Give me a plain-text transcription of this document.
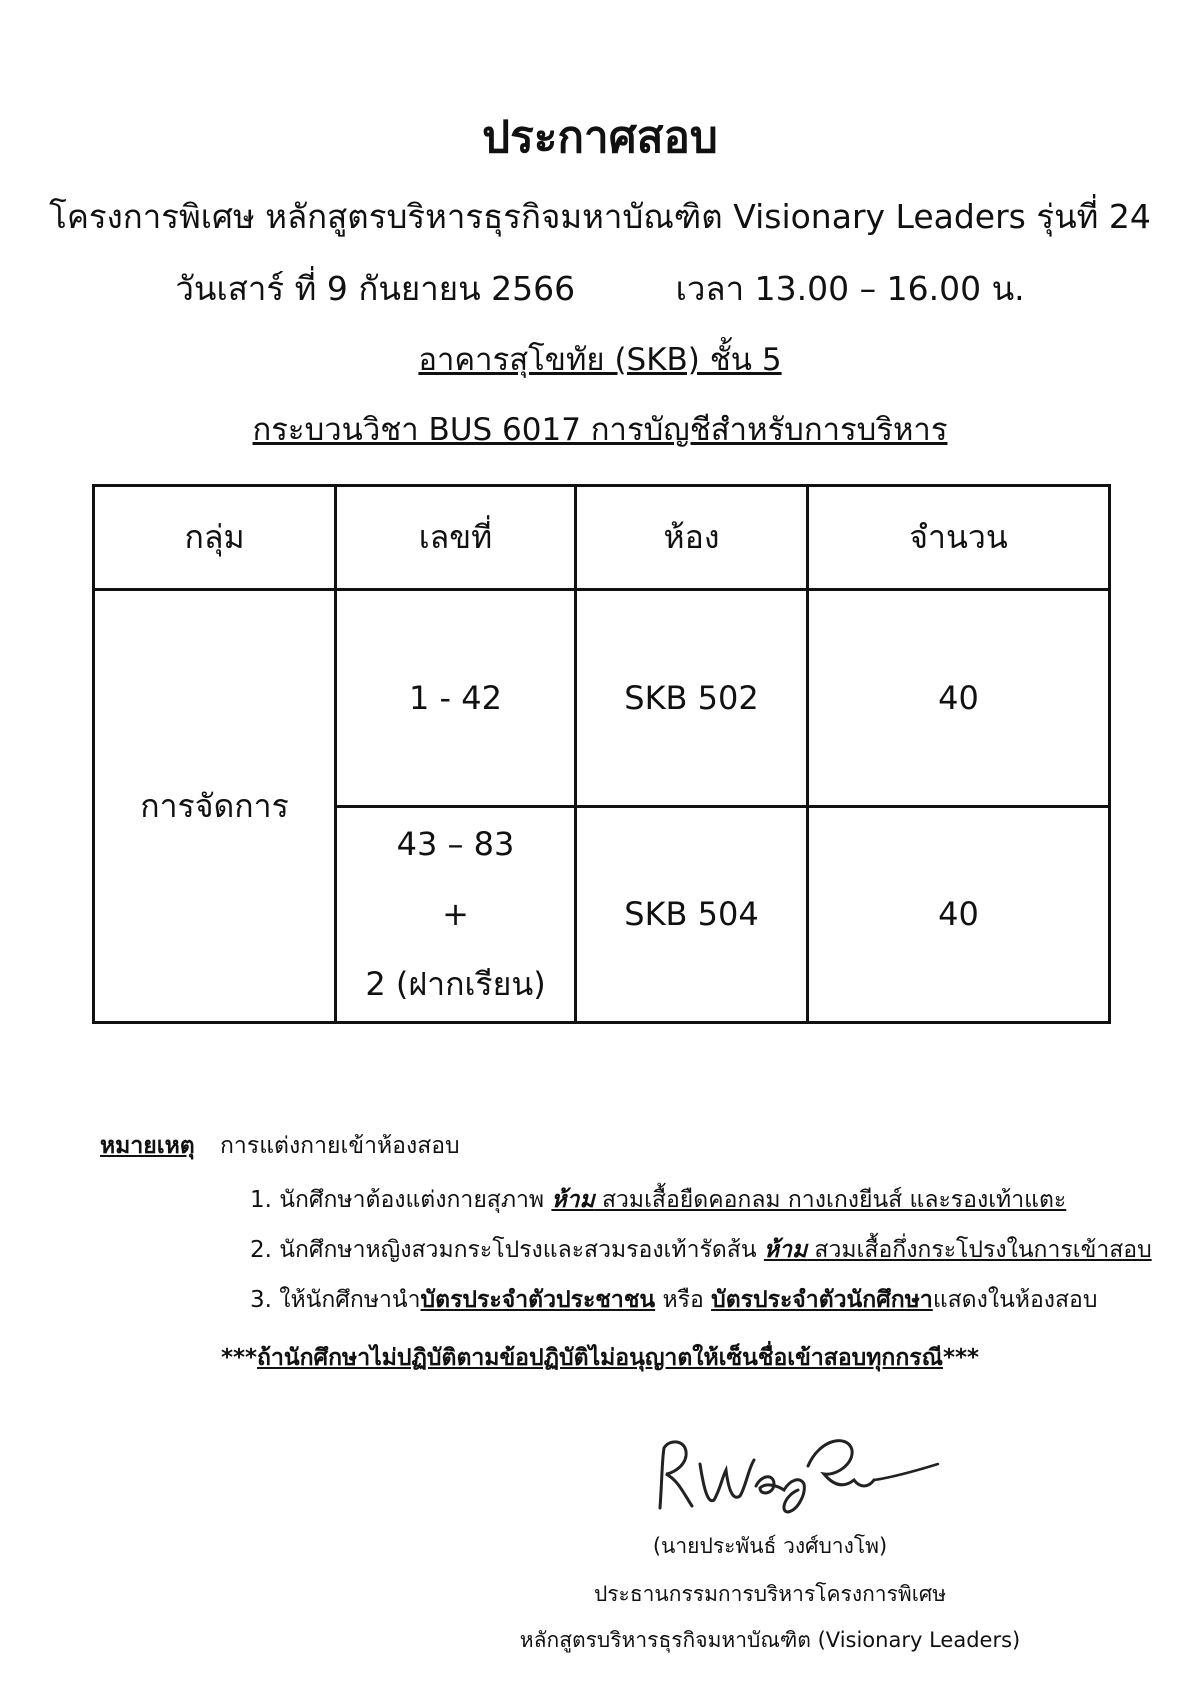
ประกาศสอบ
โครงการพิเศษ หลักสูตรบริหารธุรกิจมหาบัณฑิต Visionary Leaders รุ่นที่ 24
วันเสาร์ ที่ 9 กันยายน 2566	เวลา 13.00 – 16.00 น.
อาคารสุโขทัย (SKB) ชั้น 5
กระบวนวิชา BUS 6017 การบัญชีสำหรับการบริหาร
กลุ่ม	เลขที่	ห้อง	จำนวน
การจัดการ	1 - 42	SKB 502	40

	43 – 83
+
2 (ฝากเรียน)	SKB 504	40
หมายเหตุ การแต่งกายเข้าห้องสอบ
1. นักศึกษาต้องแต่งกายสุภาพ ห้าม สวมเสื้อยืดคอกลม กางเกงยีนส์ และรองเท้าแตะ
2. นักศึกษาหญิงสวมกระโปรงและสวมรองเท้ารัดส้น ห้าม สวมเสื้อกึ่งกระโปรงในการเข้าสอบ
3. ให้นักศึกษานำบัตรประจำตัวประชาชน หรือ บัตรประจำตัวนักศึกษาแสดงในห้องสอบ
***ถ้านักศึกษาไม่ปฏิบัติตามข้อปฏิบัติไม่อนุญาตให้เซ็นชื่อเข้าสอบทุกกรณี***
(นายประพันธ์ วงศ์บางโพ)
ประธานกรรมการบริหารโครงการพิเศษ
หลักสูตรบริหารธุรกิจมหาบัณฑิต (Visionary Leaders)
